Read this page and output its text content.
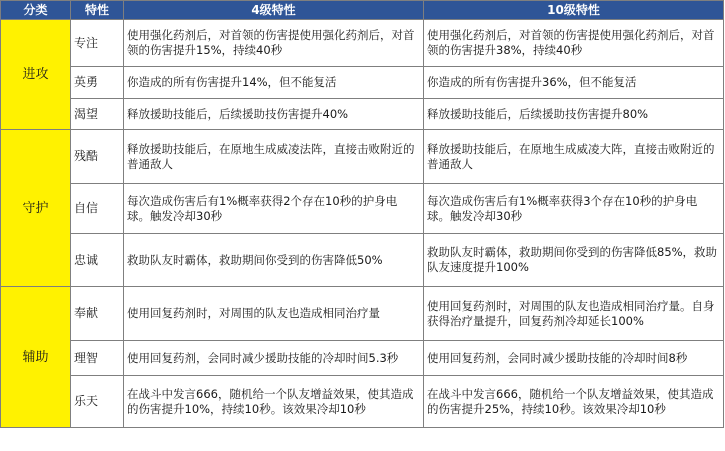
分类	特性	4级特性	10级特性
进攻	专注	使用强化药剂后，对首领的伤害提使用强化药剂后，对首领的伤害提升15%，持续40秒	使用强化药剂后，对首领的伤害提使用强化药剂后，对首领的伤害提升38%，持续40秒
	英勇	你造成的所有伤害提升14%，但不能复活	你造成的所有伤害提升36%，但不能复活
	渴望	释放援助技能后，后续援助技伤害提升40%	释放援助技能后，后续援助技伤害提升80%
守护	残酷	释放援助技能后，在原地生成威凌法阵，直接击败附近的普通敌人	释放援助技能后，在原地生成威凌大阵，直接击败附近的普通敌人
	自信	每次造成伤害后有1%概率获得2个存在10秒的护身电球。触发冷却30秒	每次造成伤害后有1%概率获得3个存在10秒的护身电球。触发冷却30秒
	忠诚	救助队友时霸体，救助期间你受到的伤害降低50%	救助队友时霸体，救助期间你受到的伤害降低85%，救助队友速度提升100%
辅助	奉献	使用回复药剂时，对周围的队友也造成相同治疗量	使用回复药剂时，对周围的队友也造成相同治疗量。自身获得治疗量提升，回复药剂冷却延长100%
	理智	使用回复药剂，会同时减少援助技能的冷却时间5.3秒	使用回复药剂，会同时减少援助技能的冷却时间8秒
	乐天	在战斗中发言666，随机给一个队友增益效果，使其造成的伤害提升10%，持续10秒。该效果冷却10秒	在战斗中发言666，随机给一个队友增益效果，使其造成的伤害提升25%，持续10秒。该效果冷却10秒
